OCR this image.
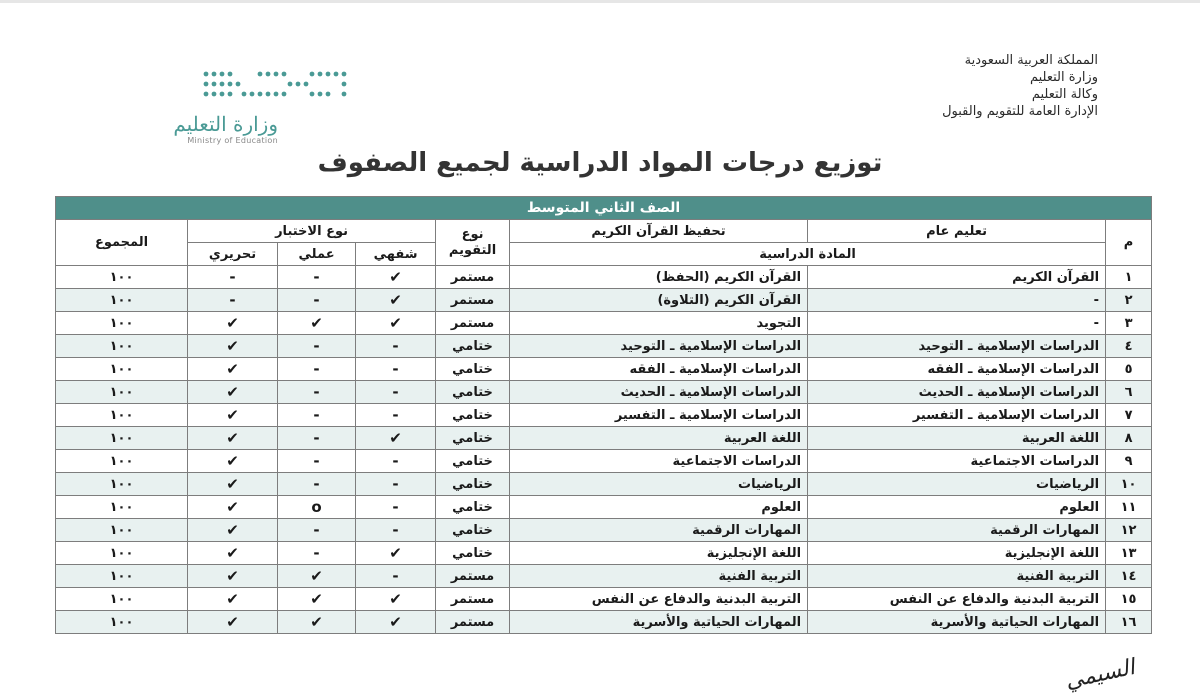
المملكة العربية السعودية
وزارة التعليم
وكالة التعليم
الإدارة العامة للتقويم والقبول
وزارة التعليم
Ministry of Education
توزيع درجات المواد الدراسية لجميع الصفوف
الصف الثاني المتوسط							
م	تعليم عام	تحفيظ القرآن الكريم	نوع التقويم	نوع الاختبار			المجموع
	المادة الدراسية			شفهي	عملي	تحريري	
١	القرآن الكريم	القرآن الكريم (الحفظ)	مستمر	✔	-	-	١٠٠
٢	-	القرآن الكريم (التلاوة)	مستمر	✔	-	-	١٠٠
٣	-	التجويد	مستمر	✔	✔	✔	١٠٠
٤	الدراسات الإسلامية ـ التوحيد	الدراسات الإسلامية ـ التوحيد	ختامي	-	-	✔	١٠٠
٥	الدراسات الإسلامية ـ الفقه	الدراسات الإسلامية ـ الفقه	ختامي	-	-	✔	١٠٠
٦	الدراسات الإسلامية ـ الحديث	الدراسات الإسلامية ـ الحديث	ختامي	-	-	✔	١٠٠
٧	الدراسات الإسلامية ـ التفسير	الدراسات الإسلامية ـ التفسير	ختامي	-	-	✔	١٠٠
٨	اللغة العربية	اللغة العربية	ختامي	✔	-	✔	١٠٠
٩	الدراسات الاجتماعية	الدراسات الاجتماعية	ختامي	-	-	✔	١٠٠
١٠	الرياضيات	الرياضيات	ختامي	-	-	✔	١٠٠
١١	العلوم	العلوم	ختامي	-	o	✔	١٠٠
١٢	المهارات الرقمية	المهارات الرقمية	ختامي	-	-	✔	١٠٠
١٣	اللغة الإنجليزية	اللغة الإنجليزية	ختامي	✔	-	✔	١٠٠
١٤	التربية الفنية	التربية الفنية	مستمر	-	✔	✔	١٠٠
١٥	التربية البدنية والدفاع عن النفس	التربية البدنية والدفاع عن النفس	مستمر	✔	✔	✔	١٠٠
١٦	المهارات الحياتية والأسرية	المهارات الحياتية والأسرية	مستمر	✔	✔	✔	١٠٠
السيمي
